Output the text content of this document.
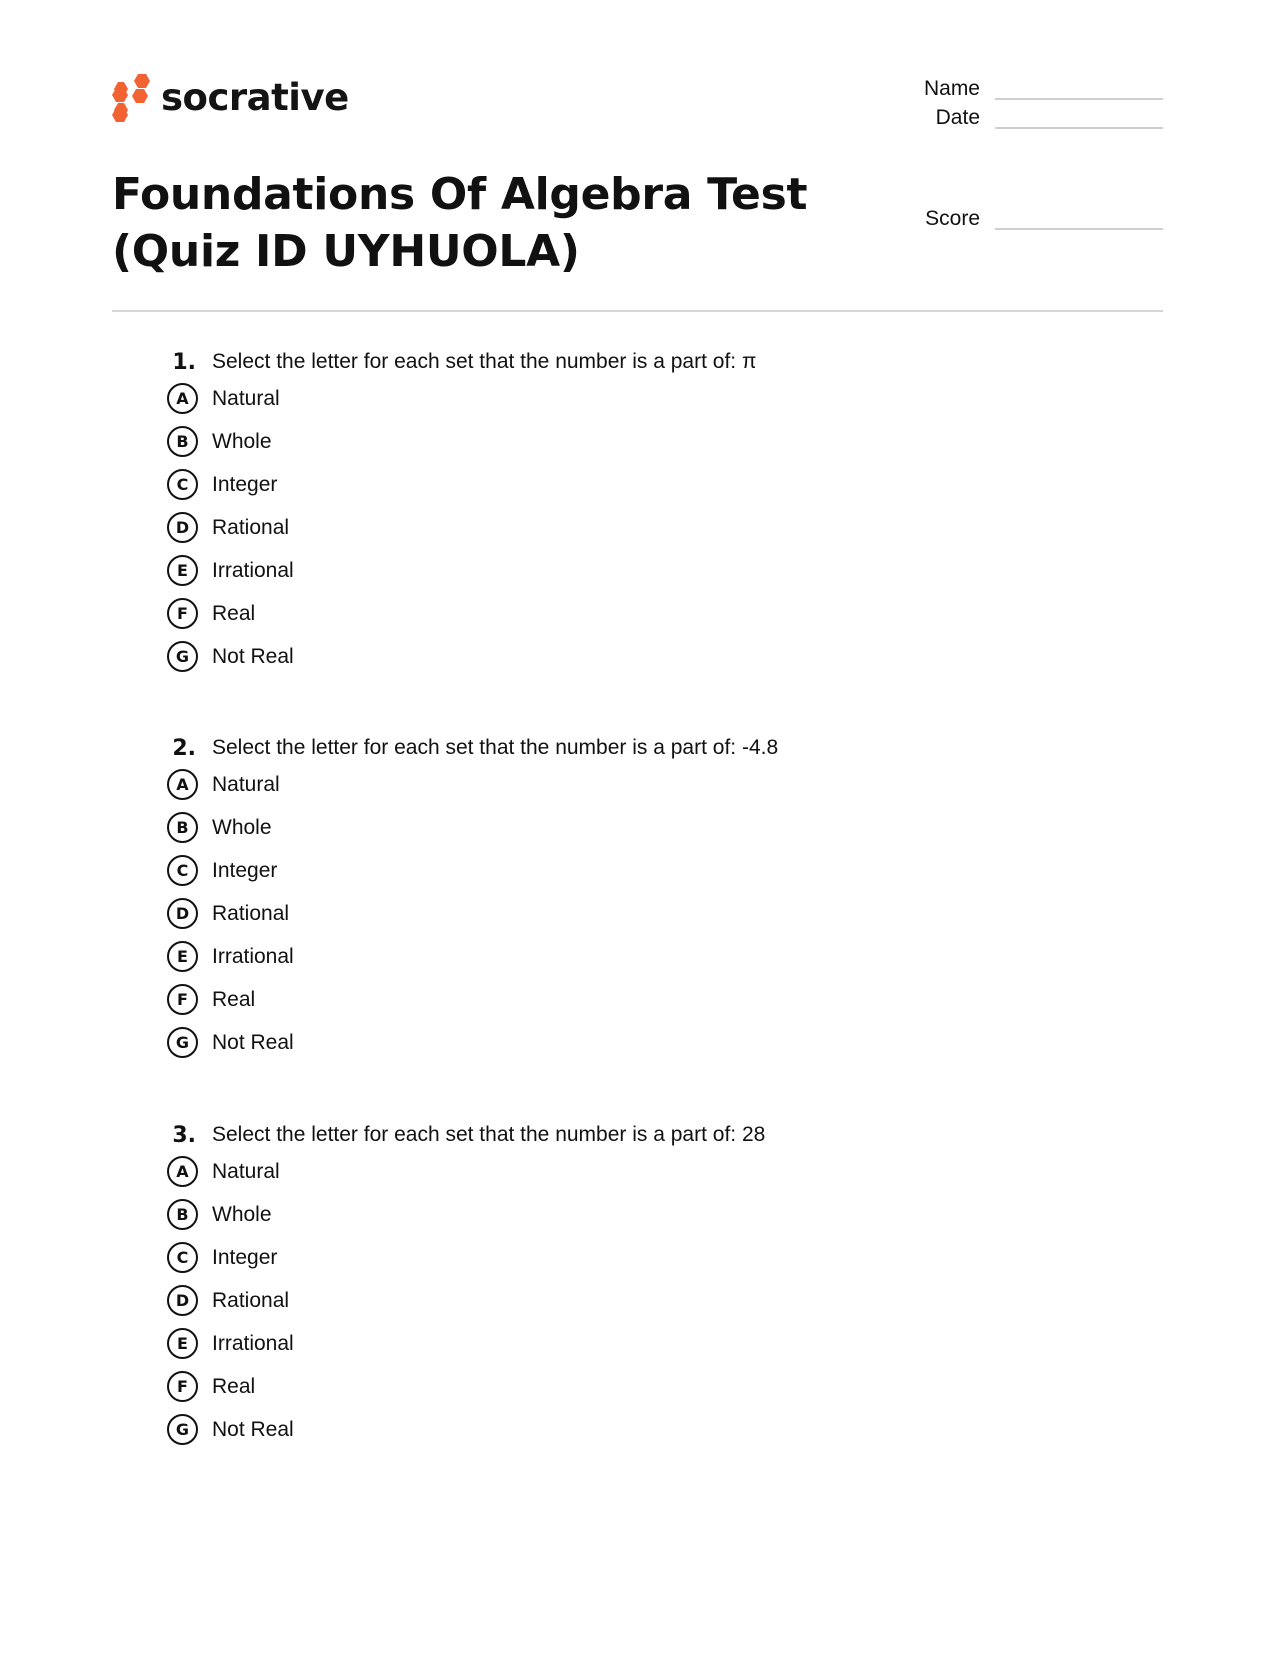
socrative
Foundations Of Algebra Test
(Quiz ID UYHUOLA)
Name
Date
Score
1. Select the letter for each set that the number is a part of: π
A	Natural
B	Whole
C	Integer
D	Rational
E	Irrational
F	Real
G	Not Real
2. Select the letter for each set that the number is a part of: -4.8
A	Natural
B	Whole
C	Integer
D	Rational
E	Irrational
F	Real
G	Not Real
3. Select the letter for each set that the number is a part of: 28
A	Natural
B	Whole
C	Integer
D	Rational
E	Irrational
F	Real
G	Not Real
